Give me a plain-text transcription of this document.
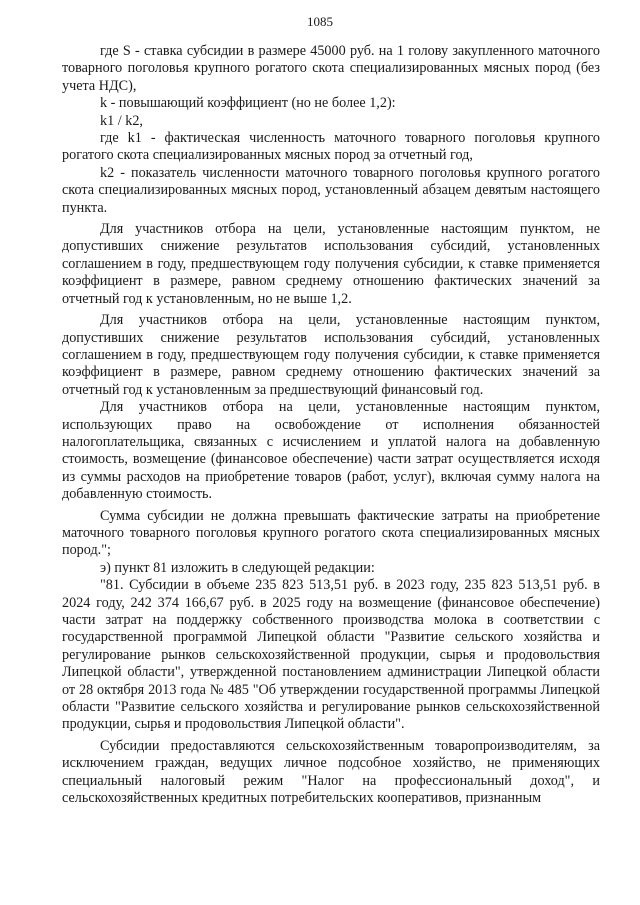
1085

где S - ставка субсидии в размере 45000 руб. на 1 голову закупленного маточного товарного поголовья крупного рогатого скота специализированных мясных пород (без учета НДС),

k - повышающий коэффициент (но не более 1,2):

k1 / k2,

где k1 - фактическая численность маточного товарного поголовья крупного рогатого скота специализированных мясных пород за отчетный год,

k2 - показатель численности маточного товарного поголовья крупного рогатого скота специализированных мясных пород, установленный абзацем девятым настоящего пункта.

Для участников отбора на цели, установленные настоящим пунктом, не допустивших снижение результатов использования субсидий, установленных соглашением в году, предшествующем году получения субсидии, к ставке применяется коэффициент в размере, равном среднему отношению фактических значений за отчетный год к установленным, но не выше 1,2.

Для участников отбора на цели, установленные настоящим пунктом, допустивших снижение результатов использования субсидий, установленных соглашением в году, предшествующем году получения субсидии, к ставке применяется коэффициент в размере, равном среднему отношению фактических значений за отчетный год к установленным за предшествующий финансовый год.

Для участников отбора на цели, установленные настоящим пунктом, использующих право на освобождение от исполнения обязанностей налогоплательщика, связанных с исчислением и уплатой налога на добавленную стоимость, возмещение (финансовое обеспечение) части затрат осуществляется исходя из суммы расходов на приобретение товаров (работ, услуг), включая сумму налога на добавленную стоимость.

Сумма субсидии не должна превышать фактические затраты на приобретение маточного товарного поголовья крупного рогатого скота специализированных мясных пород.";

э) пункт 81 изложить в следующей редакции:

"81. Субсидии в объеме 235 823 513,51 руб. в 2023 году, 235 823 513,51 руб. в 2024 году, 242 374 166,67 руб. в 2025 году на возмещение (финансовое обеспечение) части затрат на поддержку собственного производства молока в соответствии с государственной программой Липецкой области "Развитие сельского хозяйства и регулирование рынков сельскохозяйственной продукции, сырья и продовольствия Липецкой области", утвержденной постановлением администрации Липецкой области от 28 октября 2013 года № 485 "Об утверждении государственной программы Липецкой области "Развитие сельского хозяйства и регулирование рынков сельскохозяйственной продукции, сырья и продовольствия Липецкой области".

Субсидии предоставляются сельскохозяйственным товаропроизводителям, за исключением граждан, ведущих личное подсобное хозяйство, не применяющих специальный налоговый режим "Налог на профессиональный доход", и сельскохозяйственных кредитных потребительских кооперативов, признанным
